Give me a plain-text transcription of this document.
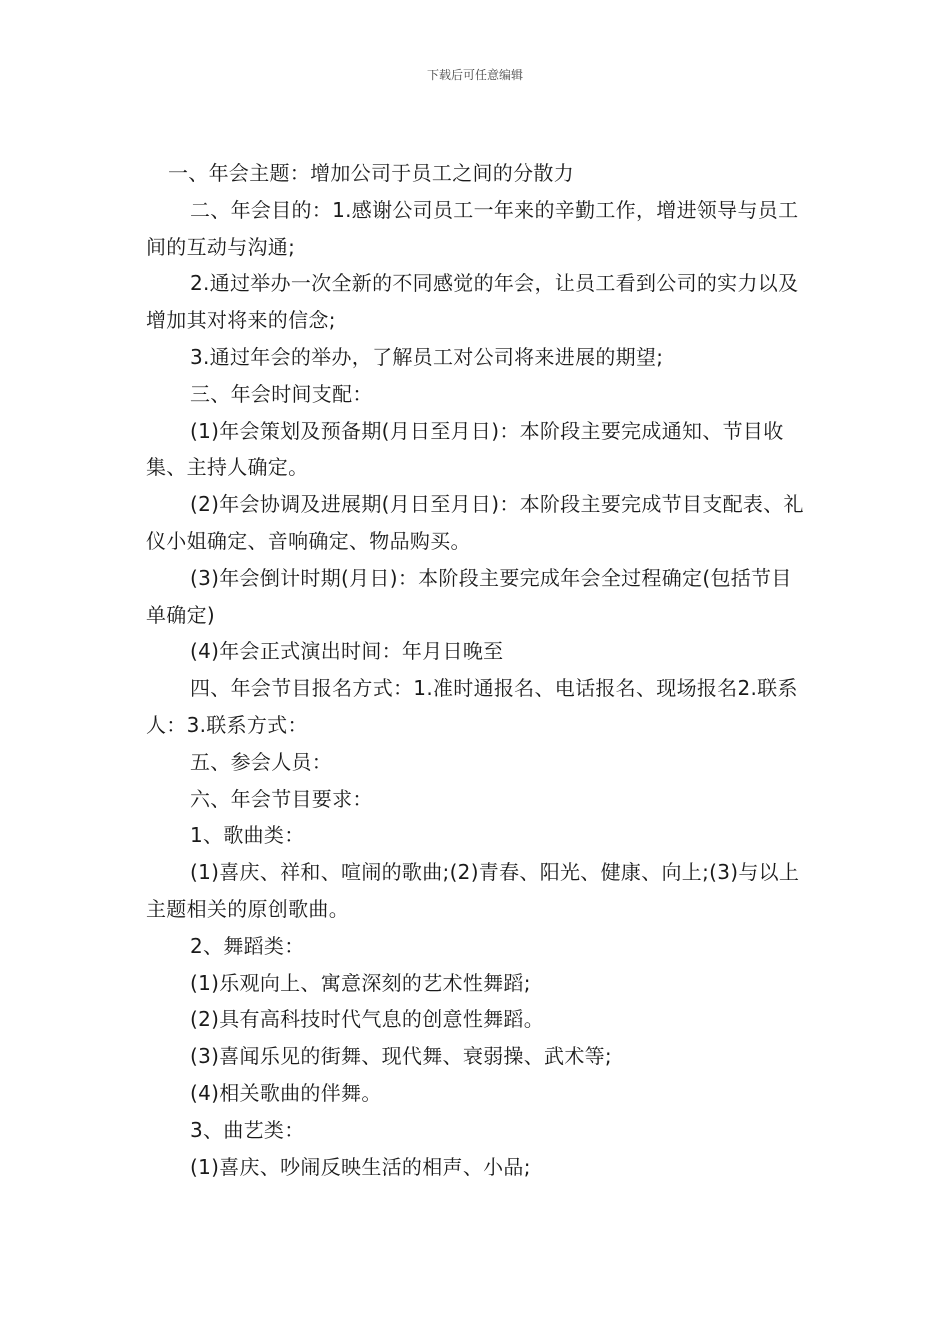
下载后可任意编辑

一、年会主题：增加公司于员工之间的分散力

二、年会目的：1.感谢公司员工一年来的辛勤工作，增进领导与员工间的互动与沟通;

2.通过举办一次全新的不同感觉的年会，让员工看到公司的实力以及增加其对将来的信念;

3.通过年会的举办，了解员工对公司将来进展的期望;

三、年会时间支配：

(1)年会策划及预备期(月日至月日)：本阶段主要完成通知、节目收集、主持人确定。

(2)年会协调及进展期(月日至月日)：本阶段主要完成节目支配表、礼仪小姐确定、音响确定、物品购买。

(3)年会倒计时期(月日)：本阶段主要完成年会全过程确定(包括节目单确定)

(4)年会正式演出时间：年月日晚至

四、年会节目报名方式：1.准时通报名、电话报名、现场报名2.联系人：3.联系方式：

五、参会人员：

六、年会节目要求：

1、歌曲类：

(1)喜庆、祥和、喧闹的歌曲;(2)青春、阳光、健康、向上;(3)与以上主题相关的原创歌曲。

2、舞蹈类：

(1)乐观向上、寓意深刻的艺术性舞蹈;

(2)具有高科技时代气息的创意性舞蹈。

(3)喜闻乐见的街舞、现代舞、衰弱操、武术等;

(4)相关歌曲的伴舞。

3、曲艺类：

(1)喜庆、吵闹反映生活的相声、小品;
